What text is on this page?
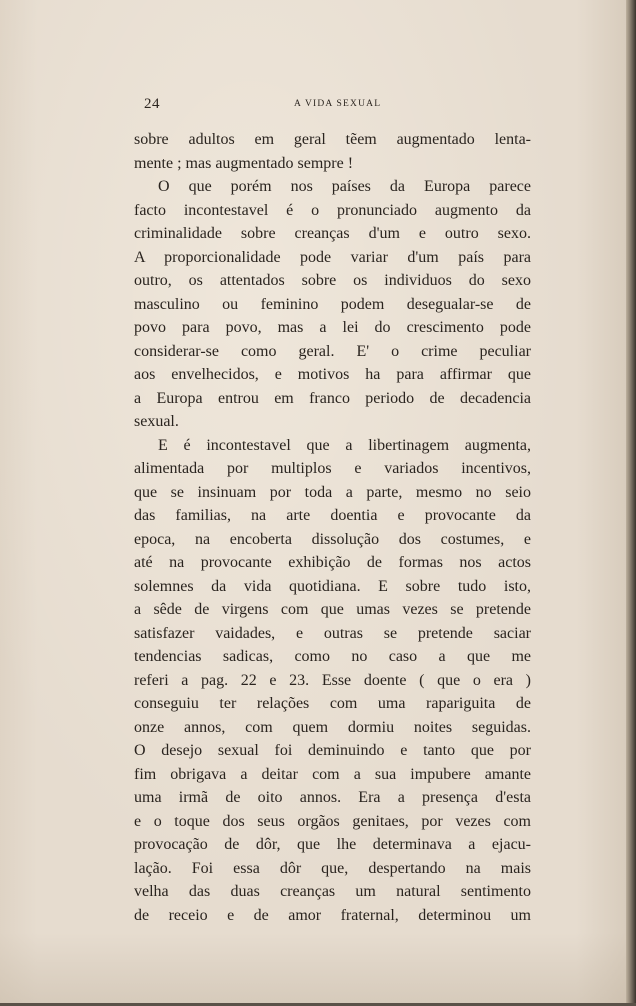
24	A VIDA SEXUAL
sobre adultos em geral tẽem augmentado lenta-
mente ; mas augmentado sempre !
O que porém nos países da Europa parece
facto incontestavel é o pronunciado augmento da
criminalidade sobre creanças d'um e outro sexo.
A proporcionalidade pode variar d'um país para
outro, os attentados sobre os individuos do sexo
masculino ou feminino podem desegualar-se de
povo para povo, mas a lei do crescimento pode
considerar-se como geral. E' o crime peculiar
aos envelhecidos, e motivos ha para affirmar que
a Europa entrou em franco periodo de decadencia
sexual.
E é incontestavel que a libertinagem augmenta,
alimentada por multiplos e variados incentivos,
que se insinuam por toda a parte, mesmo no seio
das familias, na arte doentia e provocante da
epoca, na encoberta dissolução dos costumes, e
até na provocante exhibição de formas nos actos
solemnes da vida quotidiana. E sobre tudo isto,
a sêde de virgens com que umas vezes se pretende
satisfazer vaidades, e outras se pretende saciar
tendencias sadicas, como no caso a que me
referi a pag. 22 e 23. Esse doente ( que o era )
conseguiu ter relações com uma rapariguita de
onze annos, com quem dormiu noites seguidas.
O desejo sexual foi deminuindo e tanto que por
fim obrigava a deitar com a sua impubere amante
uma irmã de oito annos. Era a presença d'esta
e o toque dos seus orgãos genitaes, por vezes com
provocação de dôr, que lhe determinava a ejacu-
lação. Foi essa dôr que, despertando na mais
velha das duas creanças um natural sentimento
de receio e de amor fraternal, determinou um
